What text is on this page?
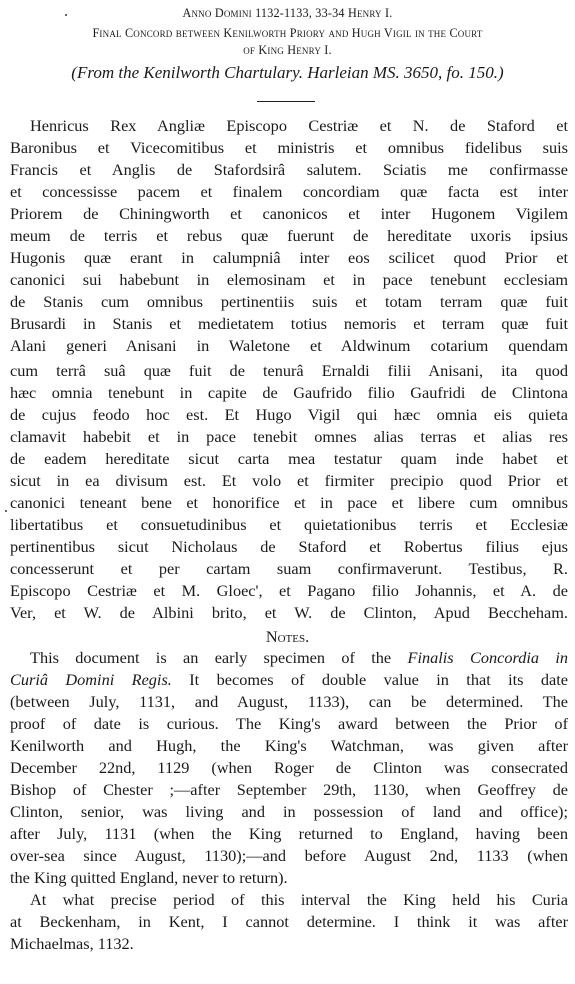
Anno Domini 1132-1133, 33-34 Henry I.
Final Concord between Kenilworth Priory and Hugh Vigil in the Court
of King Henry I.
(From the Kenilworth Chartulary. Harleian MS. 3650, fo. 150.)
Henricus Rex Angliæ Episcopo Cestriæ et N. de Staford et
Baronibus et Vicecomitibus et ministris et omnibus fidelibus suis
Francis et Anglis de Stafordsirâ salutem. Sciatis me confirmasse
et concessisse pacem et finalem concordiam quæ facta est inter
Priorem de Chiningworth et canonicos et inter Hugonem Vigilem
meum de terris et rebus quæ fuerunt de hereditate uxoris ipsius
Hugonis quæ erant in calumpniâ inter eos scilicet quod Prior et
canonici sui habebunt in elemosinam et in pace tenebunt ecclesiam
de Stanis cum omnibus pertinentiis suis et totam terram quæ fuit
Brusardi in Stanis et medietatem totius nemoris et terram quæ fuit
Alani generi Anisani in Waletone et Aldwinum cotarium quendam
cum terrâ suâ quæ fuit de tenurâ Ernaldi filii Anisani, ita quod
hæc omnia tenebunt in capite de Gaufrido filio Gaufridi de Clintona
de cujus feodo hoc est. Et Hugo Vigil qui hæc omnia eis quieta
clamavit habebit et in pace tenebit omnes alias terras et alias res
de eadem hereditate sicut carta mea testatur quam inde habet et
sicut in ea divisum est. Et volo et firmiter precipio quod Prior et
canonici teneant bene et honorifice et in pace et libere cum omnibus
libertatibus et consuetudinibus et quietationibus terris et Ecclesiæ
pertinentibus sicut Nicholaus de Staford et Robertus filius ejus
concesserunt et per cartam suam confirmaverunt. Testibus, R.
Episcopo Cestriæ et M. Gloec', et Pagano filio Johannis, et A. de
Ver, et W. de Albini brito, et W. de Clinton, Apud Beccheham.
Notes.
This document is an early specimen of the Finalis Concordia in
Curiâ Domini Regis. It becomes of double value in that its date
(between July, 1131, and August, 1133), can be determined. The
proof of date is curious. The King's award between the Prior of
Kenilworth and Hugh, the King's Watchman, was given after
December 22nd, 1129 (when Roger de Clinton was consecrated
Bishop of Chester ;—after September 29th, 1130, when Geoffrey de
Clinton, senior, was living and in possession of land and office);
after July, 1131 (when the King returned to England, having been
over-sea since August, 1130);—and before August 2nd, 1133 (when
the King quitted England, never to return).
At what precise period of this interval the King held his Curia
at Beckenham, in Kent, I cannot determine. I think it was after
Michaelmas, 1132.
